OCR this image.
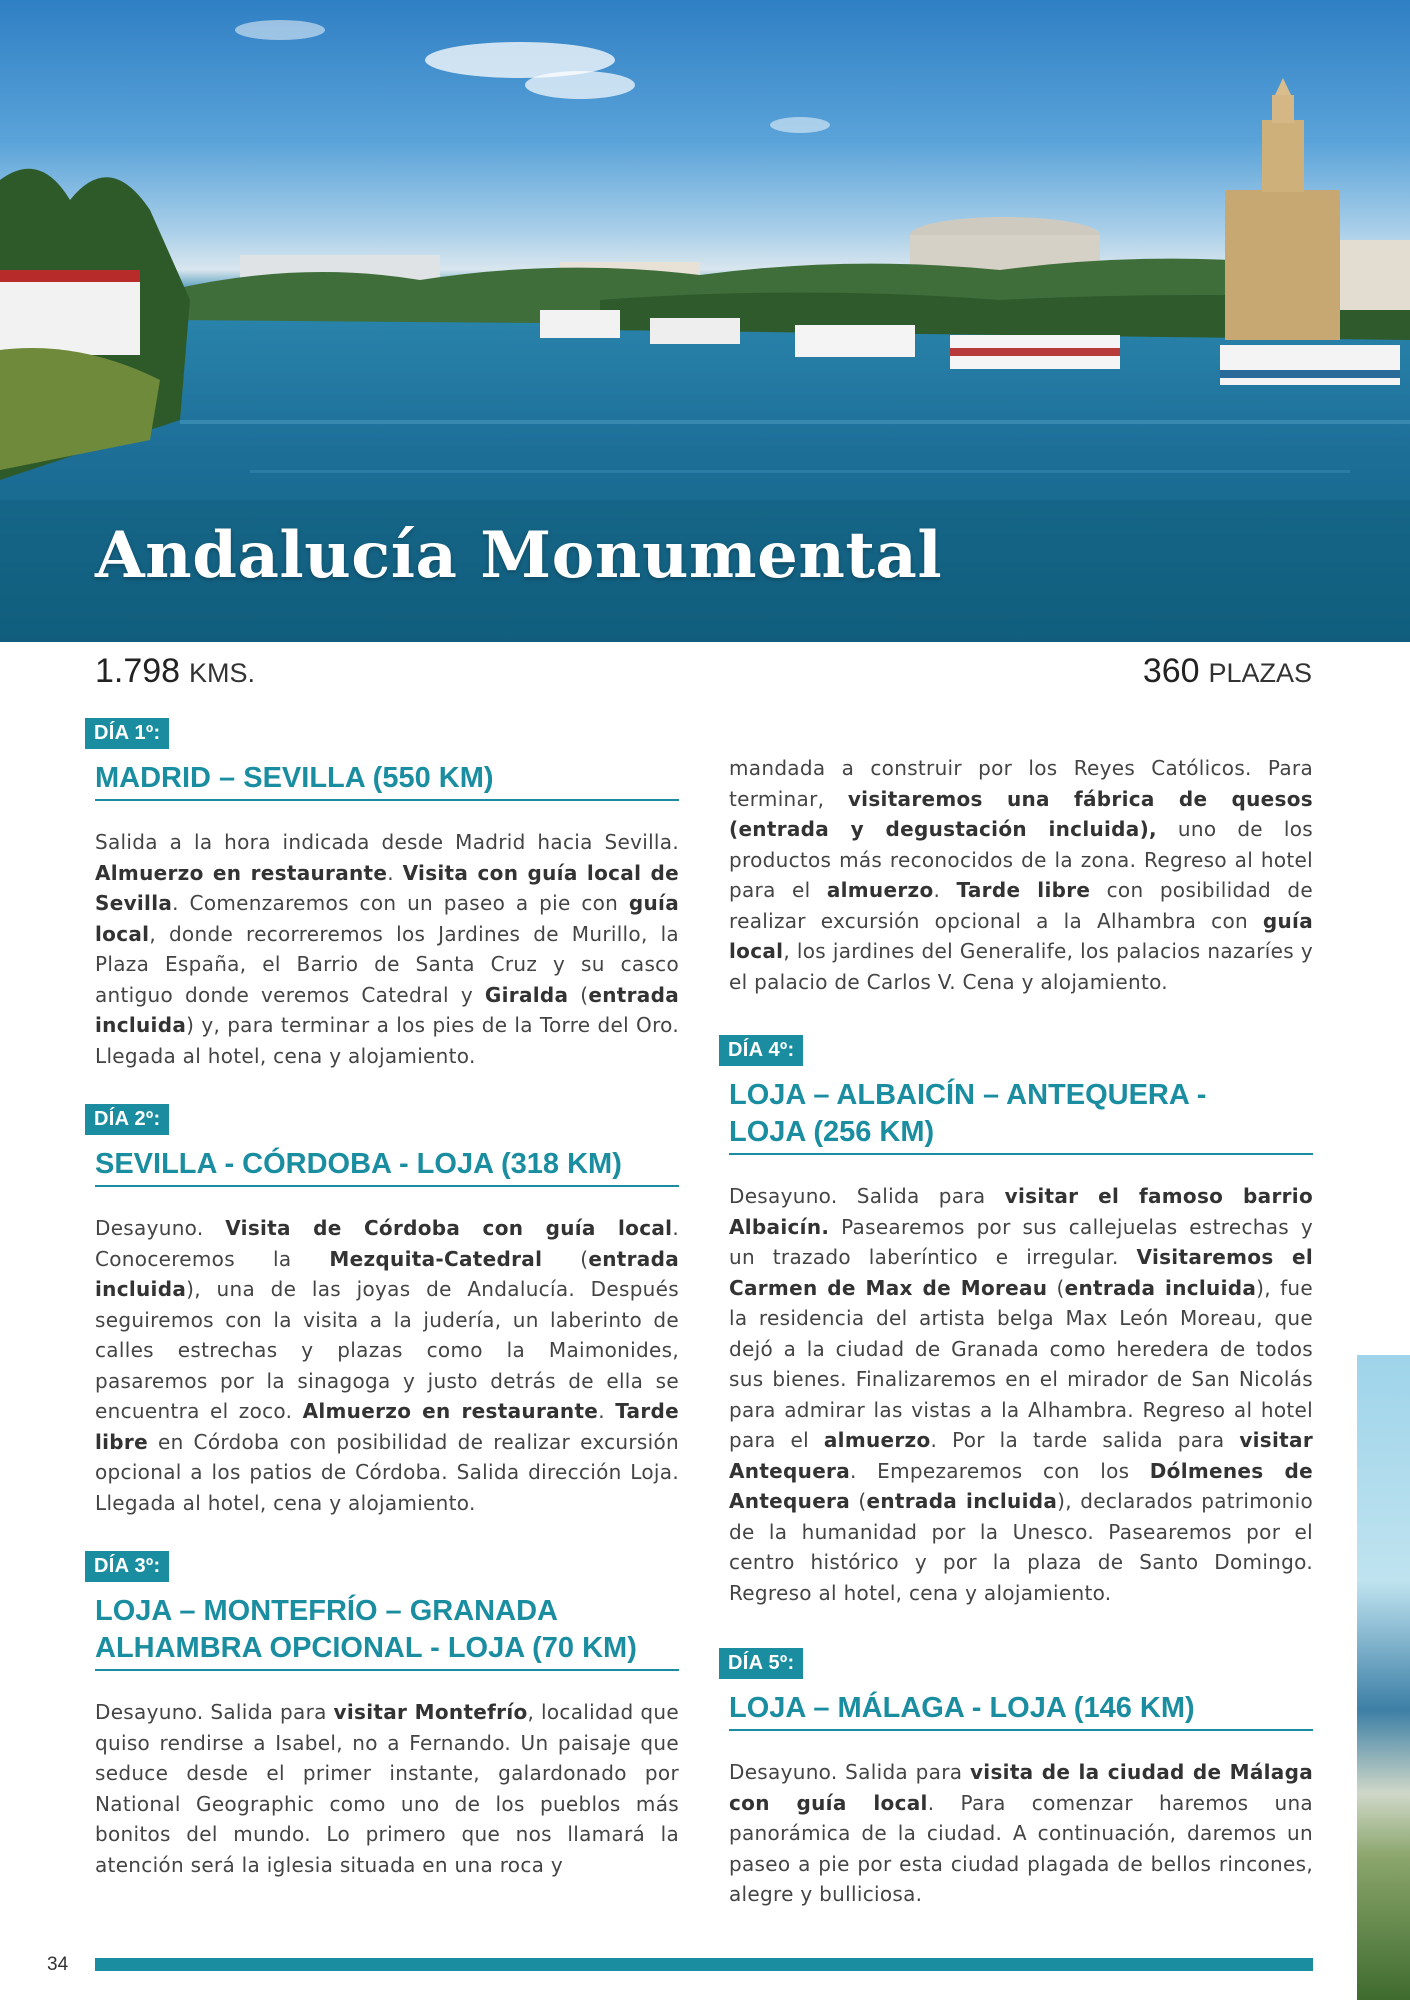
Andalucía Monumental
1.798 KMS.	360 PLAZAS
DÍA 1º:
MADRID – SEVILLA (550 KM)

Salida a la hora indicada desde Madrid hacia Sevilla. Almuerzo en restaurante. Visita con guía local de Sevilla. Comenzaremos con un paseo a pie con guía local, donde recorreremos los Jardines de Murillo, la Plaza España, el Barrio de Santa Cruz y su casco antiguo donde veremos Catedral y Giralda (entrada incluida) y, para terminar a los pies de la Torre del Oro. Llegada al hotel, cena y alojamiento.

DÍA 2º:
SEVILLA - CÓRDOBA - LOJA (318 KM)

Desayuno. Visita de Córdoba con guía local. Conoceremos la Mezquita-Catedral (entrada incluida), una de las joyas de Andalucía. Después seguiremos con la visita a la judería, un laberinto de calles estrechas y plazas como la Maimonides, pasaremos por la sinagoga y justo detrás de ella se encuentra el zoco. Almuerzo en restaurante. Tarde libre en Córdoba con posibilidad de realizar excursión opcional a los patios de Córdoba. Salida dirección Loja. Llegada al hotel, cena y alojamiento.

DÍA 3º:
LOJA – MONTEFRÍO – GRANADA
ALHAMBRA OPCIONAL - LOJA (70 KM)

Desayuno. Salida para visitar Montefrío, localidad que quiso rendirse a Isabel, no a Fernando. Un paisaje que seduce desde el primer instante, galardonado por National Geographic como uno de los pueblos más bonitos del mundo. Lo primero que nos llamará la atención será la iglesia situada en una roca y

mandada a construir por los Reyes Católicos. Para terminar, visitaremos una fábrica de quesos (entrada y degustación incluida), uno de los productos más reconocidos de la zona. Regreso al hotel para el almuerzo. Tarde libre con posibilidad de realizar excursión opcional a la Alhambra con guía local, los jardines del Generalife, los palacios nazaríes y el palacio de Carlos V. Cena y alojamiento.

DÍA 4º:
LOJA – ALBAICÍN – ANTEQUERA -
LOJA (256 KM)

Desayuno. Salida para visitar el famoso barrio Albaicín. Pasearemos por sus callejuelas estrechas y un trazado laberíntico e irregular. Visitaremos el Carmen de Max de Moreau (entrada incluida), fue la residencia del artista belga Max León Moreau, que dejó a la ciudad de Granada como heredera de todos sus bienes. Finalizaremos en el mirador de San Nicolás para admirar las vistas a la Alhambra. Regreso al hotel para el almuerzo. Por la tarde salida para visitar Antequera. Empezaremos con los Dólmenes de Antequera (entrada incluida), declarados patrimonio de la humanidad por la Unesco. Pasearemos por el centro histórico y por la plaza de Santo Domingo. Regreso al hotel, cena y alojamiento.

DÍA 5º:
LOJA – MÁLAGA - LOJA (146 KM)

Desayuno. Salida para visita de la ciudad de Málaga con guía local. Para comenzar haremos una panorámica de la ciudad. A continuación, daremos un paseo a pie por esta ciudad plagada de bellos rincones, alegre y bulliciosa.

34
